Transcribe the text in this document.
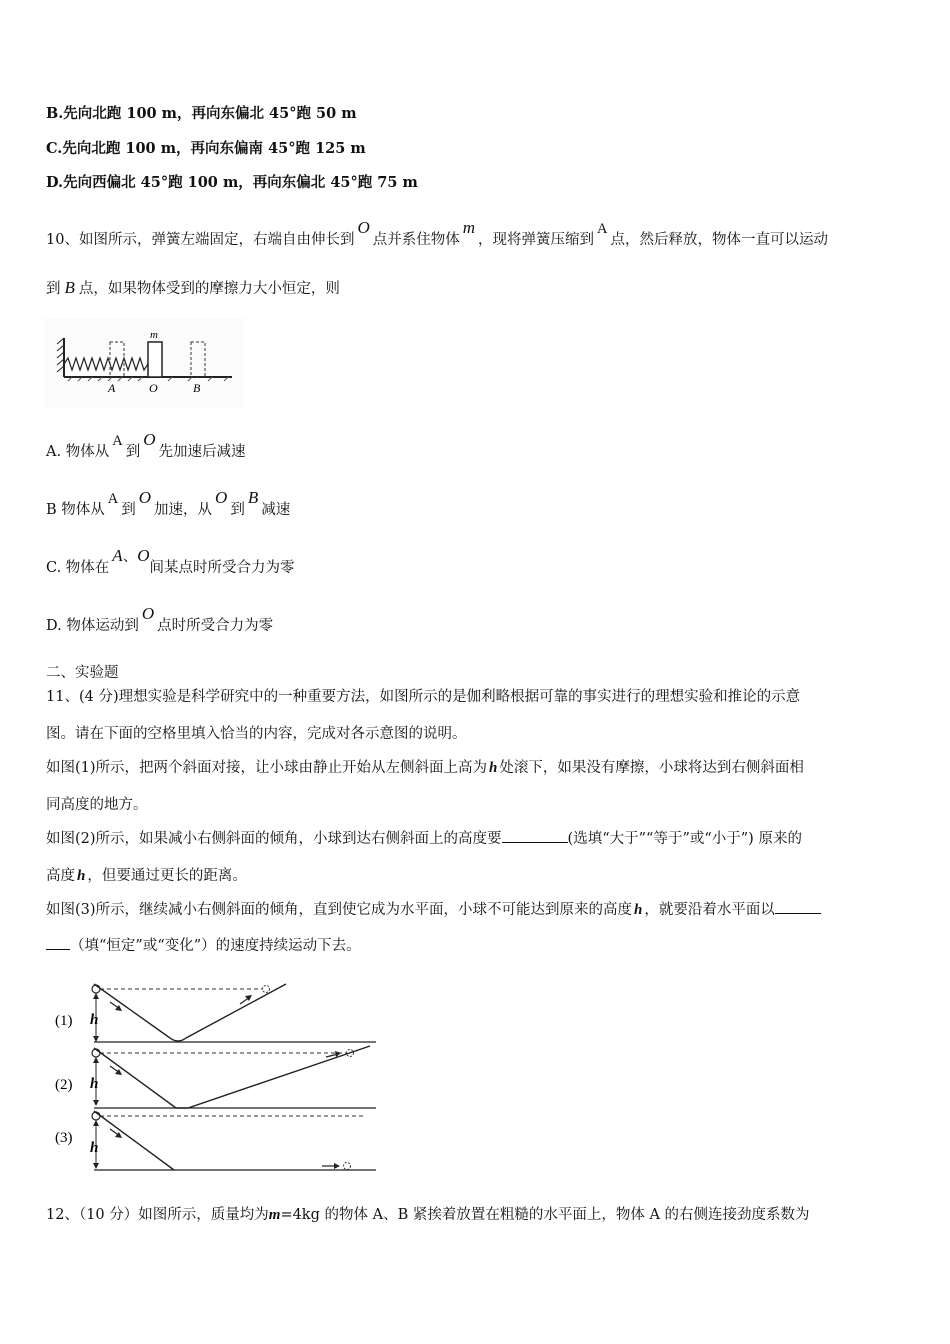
B.先向北跑 100 m，再向东偏北 45°跑 50 m
C.先向北跑 100 m，再向东偏南 45°跑 125 m
D.先向西偏北 45°跑 100 m，再向东偏北 45°跑 75 m
10、如图所示，弹簧左端固定，右端自由伸长到O点并系住物体m，现将弹簧压缩到A点，然后释放，物体一直可以运动
到 B 点，如果物体受到的摩擦力大小恒定，则
m
A	O	B
A. 物体从A到O先加速后减速
B 物体从A到O加速，从O到B减速
C. 物体在A、O间某点时所受合力为零
D. 物体运动到O点时所受合力为零
二、实验题
11、(4 分)理想实验是科学研究中的一种重要方法，如图所示的是伽利略根据可靠的事实进行的理想实验和推论的示意
图。请在下面的空格里填入恰当的内容，完成对各示意图的说明。
如图(1)所示，把两个斜面对接，让小球由静止开始从左侧斜面上高为 h 处滚下，如果没有摩擦，小球将达到右侧斜面相
同高度的地方。
如图(2)所示，如果减小右侧斜面的倾角，小球到达右侧斜面上的高度要	(选填“大于”“等于”或“小于”) 原来的
高度 h ，但要通过更长的距离。
如图(3)所示，继续减小右侧斜面的倾角，直到使它成为水平面，小球不可能达到原来的高度 h ，就要沿着水平面以
（填“恒定”或“变化”）的速度持续运动下去。
(1) h
(2) h
(3)
h
12、（10 分）如图所示，质量均为m=4kg 的物体 A、B 紧挨着放置在粗糙的水平面上，物体 A 的右侧连接劲度系数为
